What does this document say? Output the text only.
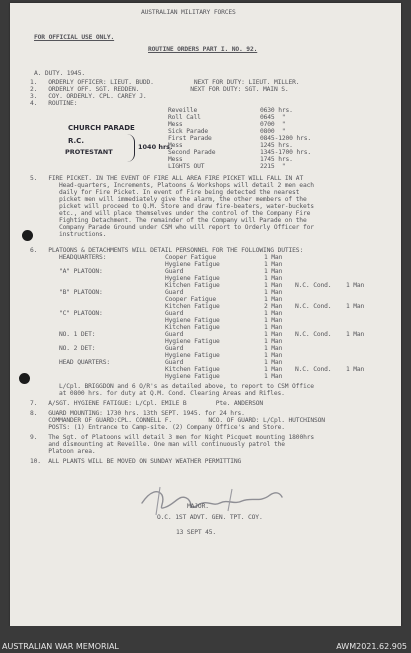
AUSTRALIAN MILITARY FORCES
FOR OFFICIAL USE ONLY.
ROUTINE ORDERS PART I. NO. 92.
A. DUTY. 1945.
1.   ORDERLY OFFICER: LIEUT. BUDD.           NEXT FOR DUTY: LIEUT. MILLER.
2.   ORDERLY OFF. SGT. REDDEN.              NEXT FOR DUTY: SGT. MAIN S.
3.   COY. ORDERLY. CPL. CAREY J.
4.   ROUTINE:
Reveille	0630 hrs.
Roll Call	0645  "
Mess	0700  "
Sick Parade	0800  "
First Parade	0845-1200 hrs.
Mess	1245 hrs.
Second Parade	1345-1700 hrs.
Mess	1745 hrs.
LIGHTS OUT	2215  "
CHURCH PARADE
R.C.
PROTESTANT
1040 hrs.
5.   FIRE PICKET. IN THE EVENT OF FIRE ALL AREA FIRE PICKET WILL FALL IN AT
Head-quarters, Increments, Platoons & Workshops will detail 2 men each
daily for Fire Picket. In event of Fire being detected the nearest
picket men will immediately give the alarm, the other members of the
picket will proceed to Q.M. Store and draw fire-beaters, water-buckets
etc., and will place themselves under the control of the Company Fire
Fighting Detachment. The remainder of the Company will Parade on the
Company Parade Ground under CSM who will report to Orderly Officer for
instructions.
6.   PLATOONS & DETACHMENTS WILL DETAIL PERSONNEL FOR THE FOLLOWING DUTIES:
HEADQUARTERS:	Cooper Fatigue	1 Man
Hygiene Fatigue	1 Man
"A" PLATOON:	Guard	1 Man
Hygiene Fatigue	1 Man
Kitchen Fatigue	1 Man N.C. Cond.    1 Man
"B" PLATOON:	Guard	1 Man
Cooper Fatigue	1 Man
Kitchen Fatigue	2 Man N.C. Cond.    1 Man
"C" PLATOON:	Guard	1 Man
Hygiene Fatigue	1 Man
Kitchen Fatigue	1 Man
NO. 1 DET:	Guard	1 Man N.C. Cond.    1 Man
Hygiene Fatigue	1 Man
NO. 2 DET:	Guard	1 Man
Hygiene Fatigue	1 Man
HEAD QUARTERS:	Guard	1 Man
Kitchen Fatigue	1 Man N.C. Cond.    1 Man
Hygiene Fatigue	1 Man
L/Cpl. BRIGGDON and 6 O/R's as detailed above, to report to CSM Office
at 0800 hrs. for duty at Q.M. Cond. Clearing Areas and Rifles.
7.   A/SGT. HYGIENE FATIGUE: L/Cpl. EMILE B        Pte. ANDERSON
8.   GUARD MOUNTING: 1730 hrs. 13th SEPT. 1945. for 24 hrs.
COMMANDER OF GUARD:CPL. CONNELL F.          NCO. OF GUARD: L/Cpl. HUTCHINSON
POSTS: (1) Entrance to Camp-site. (2) Company Office's and Store.
9.   The Sgt. of Platoons will detail 3 men for Night Picquet mounting 1800hrs
and dismounting at Reveille. One man will continuously patrol the
Platoon area.
10.  ALL PLANTS WILL BE MOVED ON SUNDAY WEATHER PERMITTING
MAJOR.
O.C. 1ST ADVT. GEN. TPT. COY.
13 SEPT 45.
AUSTRALIAN WAR MEMORIAL	AWM2021.62.905
